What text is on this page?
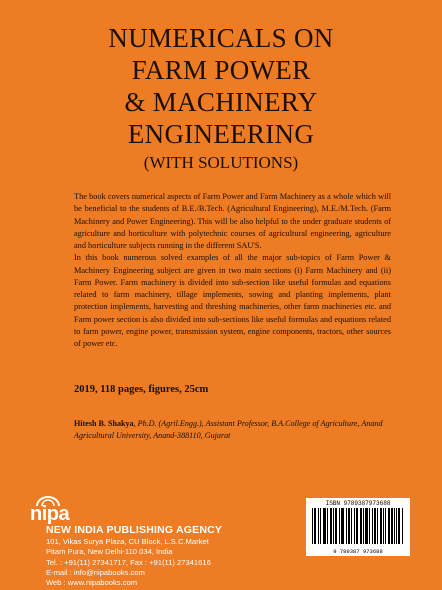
NUMERICALS ON
FARM POWER
& MACHINERY
ENGINEERING
(WITH SOLUTIONS)

The book covers numerical aspects of Farm Power and Farm Machinery as a whole which will be beneficial to the students of B.E./B.Tech. (Agricultural Engineering), M.E./M.Tech. (Farm Machinery and Power Engineering). This will be also helpful to the under graduate students of agriculture and horticulture with polytechnic courses of agricultural engineering, agriculture and horticulture subjects running in the different SAU'S.

In this book numerous solved examples of all the major sub-topics of Farm Power & Machinery Engineering subject are given in two main sections (i) Farm Machinery and (ii) Farm Power. Farm machinery is divided into sub-section like useful formulas and equations related to farm machinery, tillage implements, sowing and planting implements, plant protection implements, harvesting and threshing machineries, other farm machineries etc. and Farm power section is also divided into sub-sections like useful formulas and equations related to farm power, engine power, transmission system, engine components, tractors, other sources of power etc.

2019, 118 pages, figures, 25cm
Hitesh B. Shakya, Ph.D. (Agril.Engg.), Assistant Professor, B.A.College of Agriculture, Anand Agricultural University, Anand-388110, Gujarat
nipa
NEW INDIA PUBLISHING AGENCY
101, Vikas Surya Plaza, CU Block, L.S.C.Market
Pitam Pura, New Delhi-110 034, India
Tel. : +91(11) 27341717, Fax : +91(11) 27341616
E-mail : info@nipabooks.com
Web : www.nipabooks.com
ISBN 9789387973688
9 789387 973688
